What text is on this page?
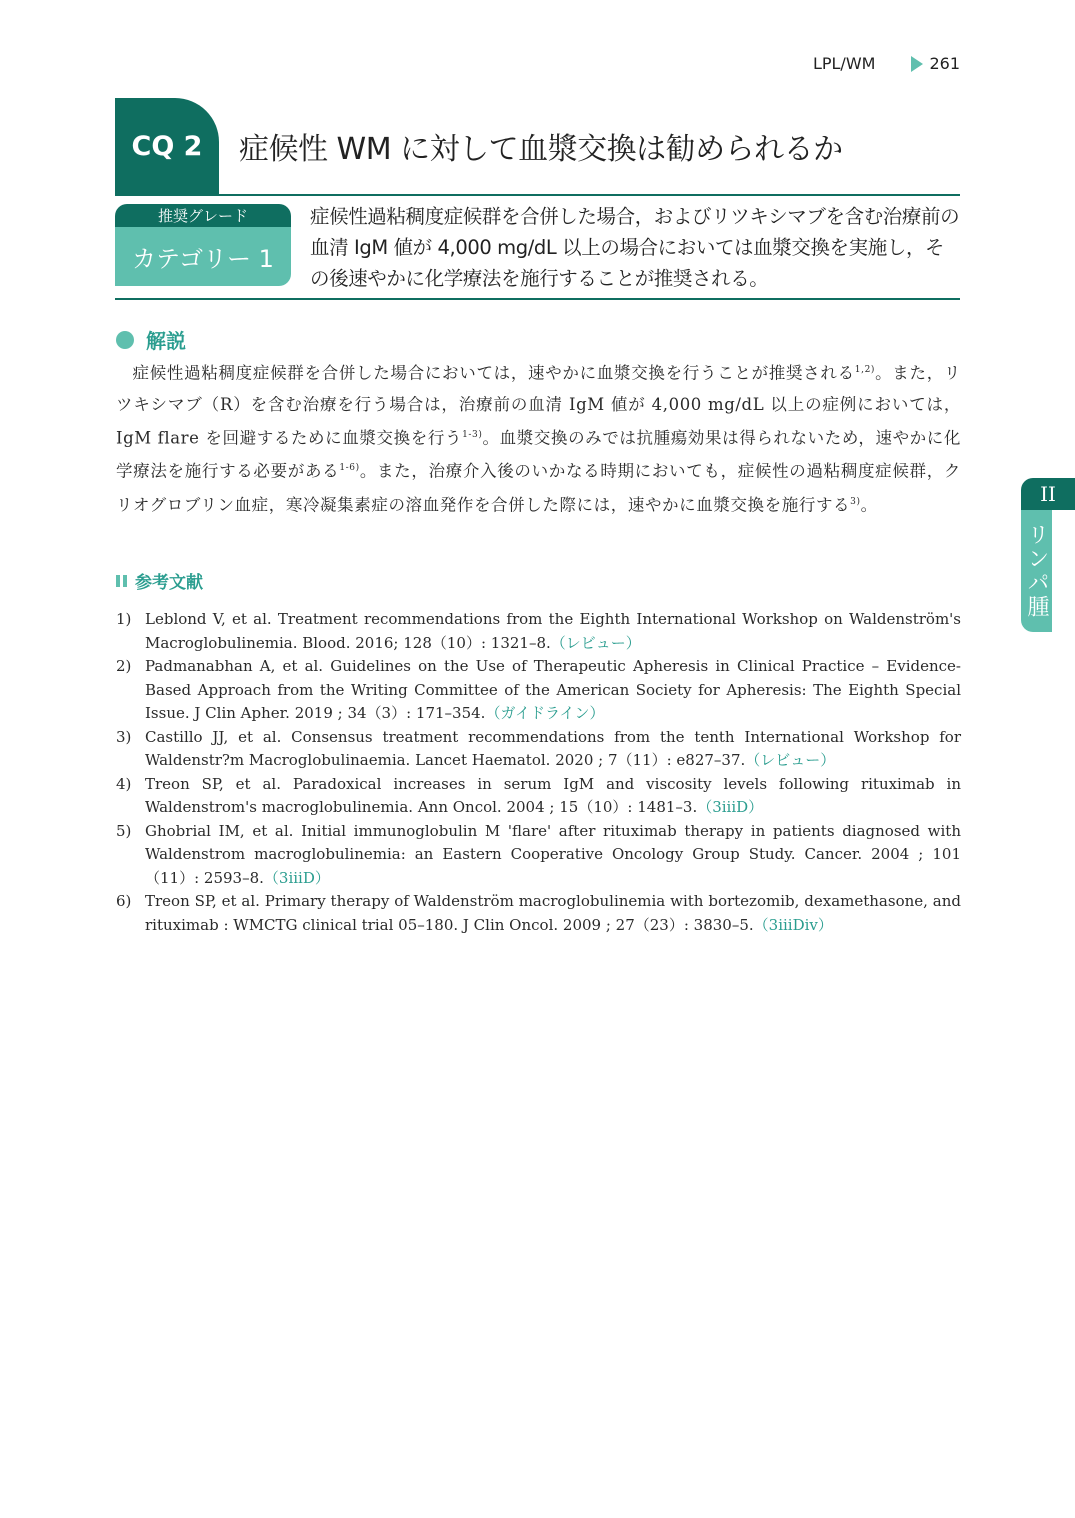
LPL/WM	261
CQ 2	症候性 WM に対して血漿交換は勧められるか
推奨グレード
カテゴリー 1
症候性過粘稠度症候群を合併した場合，およびリツキシマブを含む治療前の血清 IgM 値が 4,000 mg/dL 以上の場合においては血漿交換を実施し，その後速やかに化学療法を施行することが推奨される。
解説

症候性過粘稠度症候群を合併した場合においては，速やかに血漿交換を行うことが推奨される$^{1,2)}$。また，リツキシマブ（R）を含む治療を行う場合は，治療前の血清 IgM 値が 4,000 mg/dL 以上の症例においては，IgM flare を回避するために血漿交換を行う$^{1-3)}$。血漿交換のみでは抗腫瘍効果は得られないため，速やかに化学療法を施行する必要がある$^{1-6)}$。また，治療介入後のいかなる時期においても，症候性の過粘稠度症候群，クリオグロブリン血症，寒冷凝集素症の溶血発作を合併した際には，速やかに血漿交換を施行する$^{3)}$。

参考文献
1) Leblond V, et al. Treatment recommendations from the Eighth International Workshop on Waldenström's Macroglobulinemia. Blood. 2016; 128（10）: 1321–8.（レビュー）
2) Padmanabhan A, et al. Guidelines on the Use of Therapeutic Apheresis in Clinical Practice – Evidence-Based Approach from the Writing Committee of the American Society for Apheresis: The Eighth Special Issue. J Clin Apher. 2019 ; 34（3）: 171–354.（ガイドライン）
3) Castillo JJ, et al. Consensus treatment recommendations from the tenth International Workshop for Waldenstr?m Macroglobulinaemia. Lancet Haematol. 2020 ; 7（11）: e827–37.（レビュー）
4) Treon SP, et al. Paradoxical increases in serum IgM and viscosity levels following rituximab in Waldenstrom's macroglobulinemia. Ann Oncol. 2004 ; 15（10）: 1481–3.（3iiiD）
5) Ghobrial IM, et al. Initial immunoglobulin M 'flare' after rituximab therapy in patients diagnosed with Waldenstrom macroglobulinemia: an Eastern Cooperative Oncology Group Study. Cancer. 2004 ; 101（11）: 2593–8.（3iiiD）
6) Treon SP, et al. Primary therapy of Waldenström macroglobulinemia with bortezomib, dexamethasone, and rituximab : WMCTG clinical trial 05–180. J Clin Oncol. 2009 ; 27（23）: 3830–5.（3iiiDiv）
II
リンパ腫
